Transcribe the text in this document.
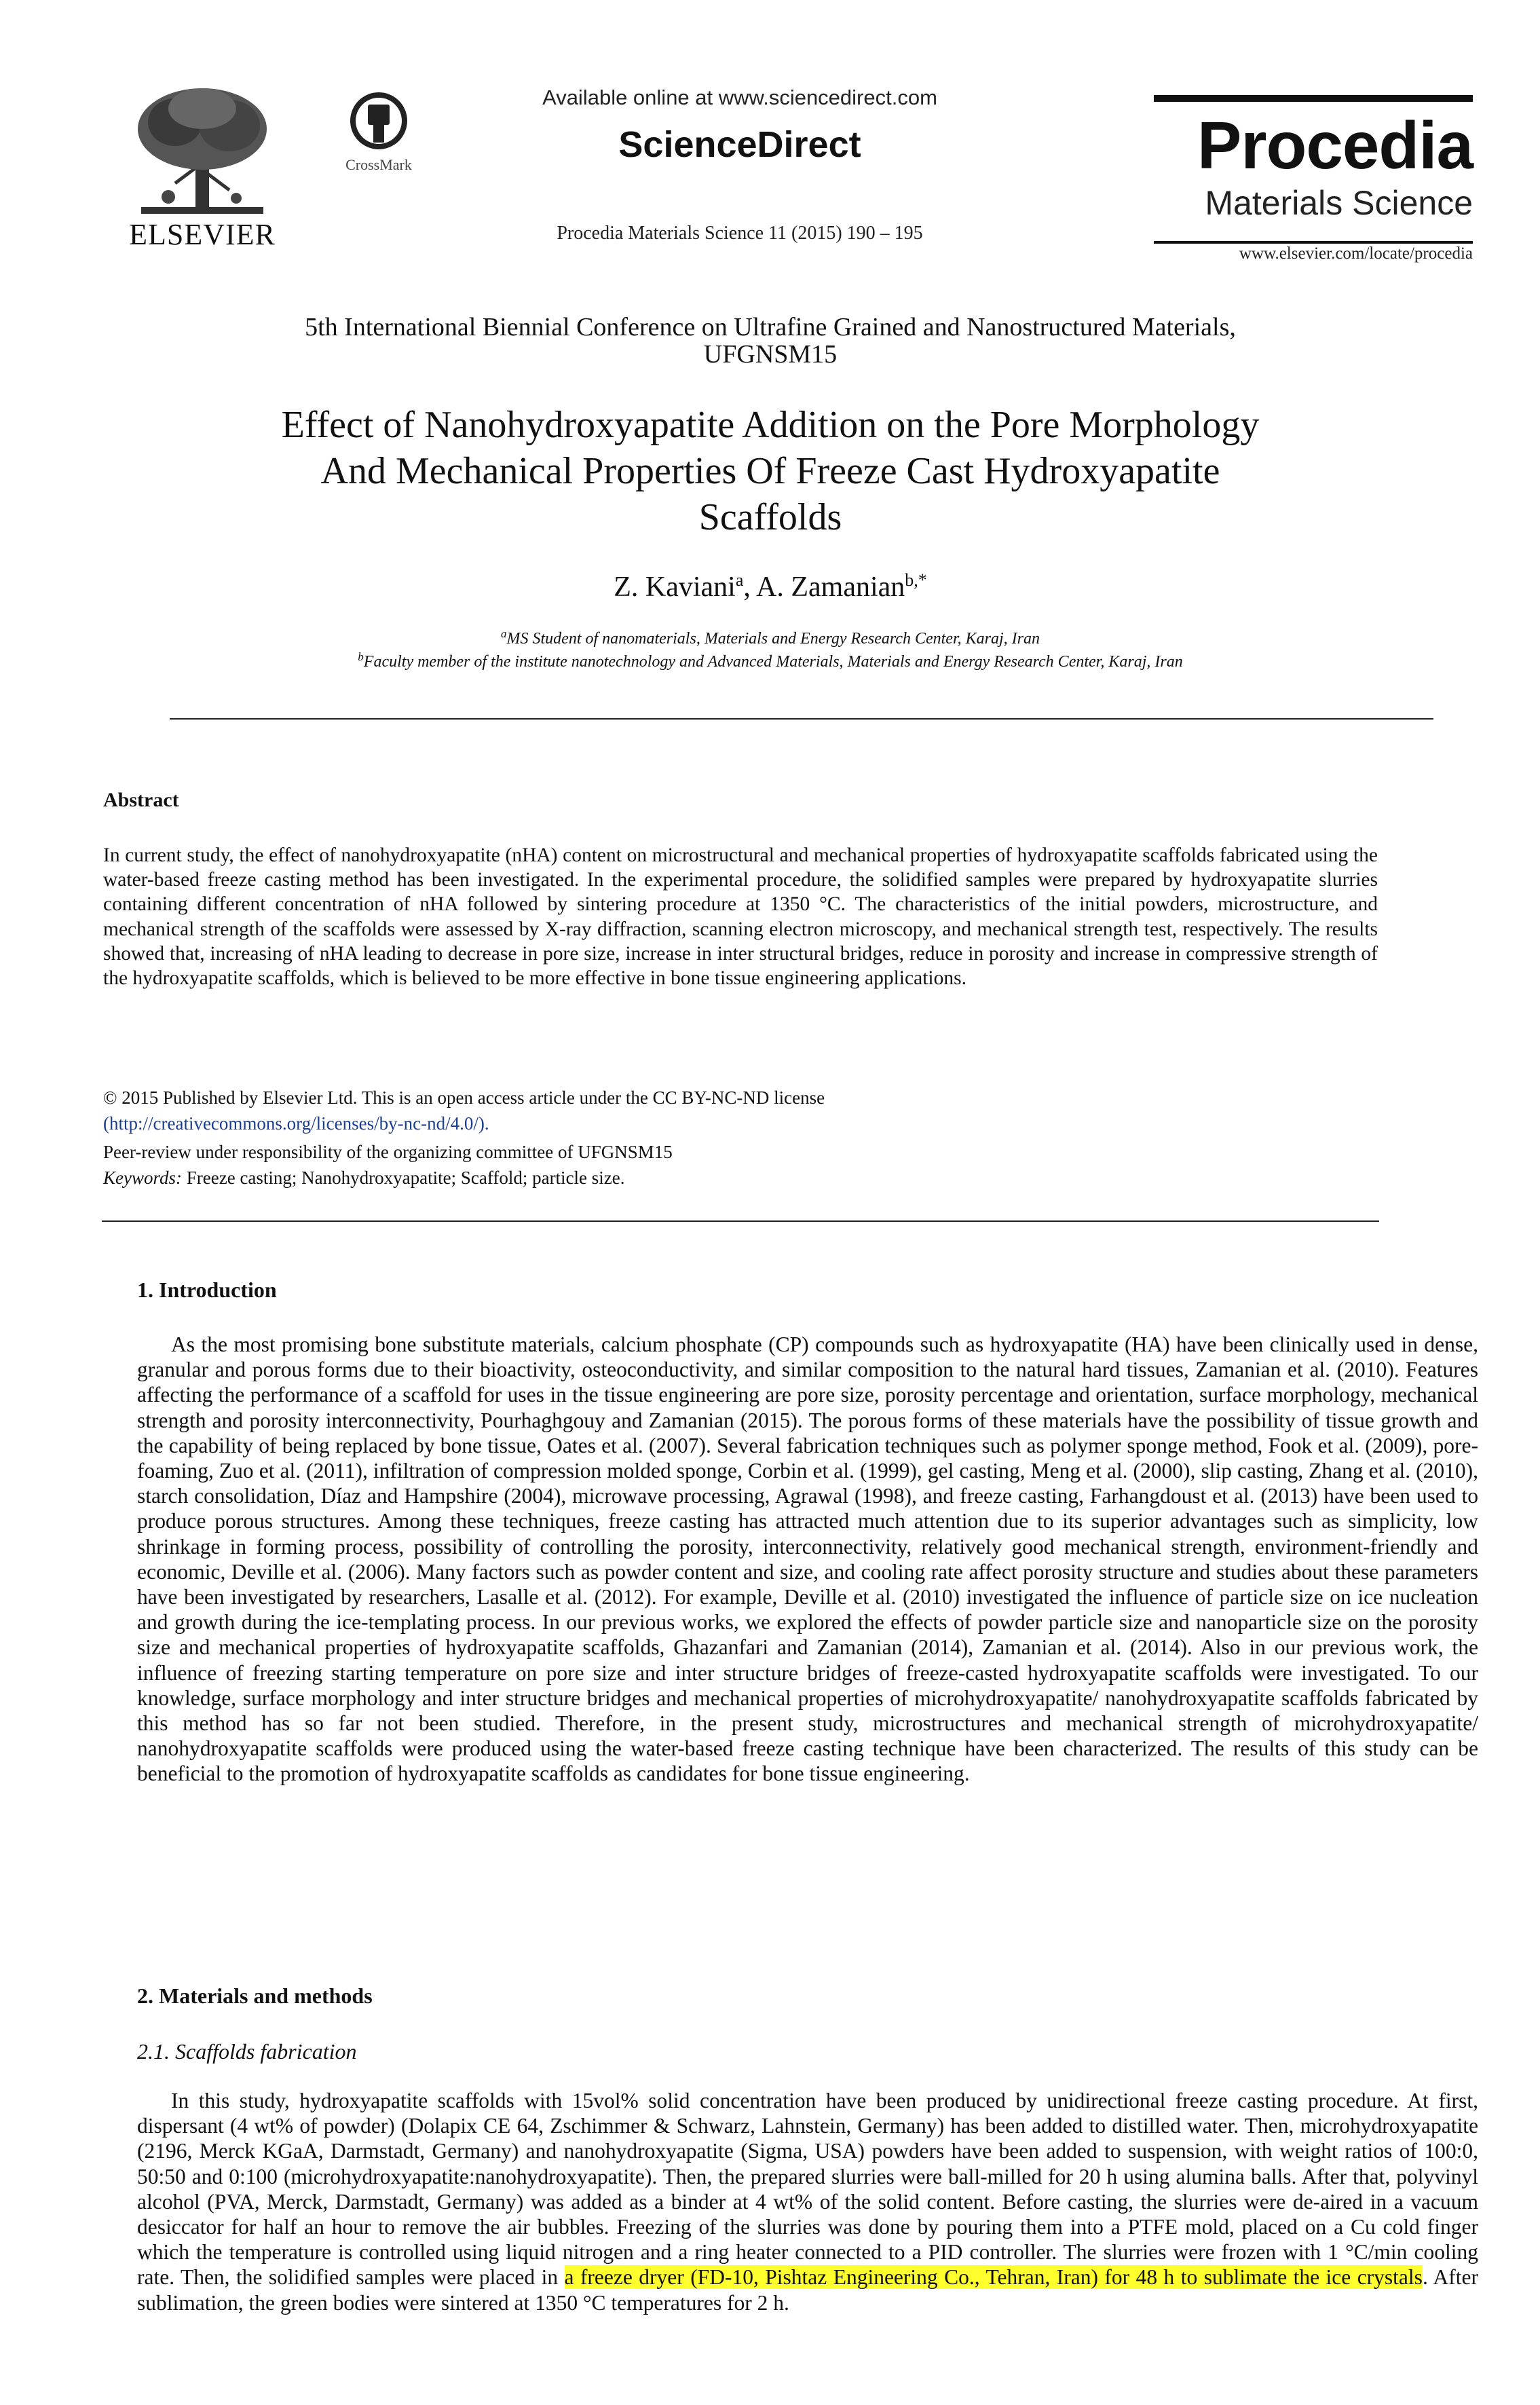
ELSEVIER
CrossMark
Available online at www.sciencedirect.com
ScienceDirect
Procedia Materials Science 11 (2015) 190 – 195
Procedia
Materials Science
www.elsevier.com/locate/procedia
5th International Biennial Conference on Ultrafine Grained and Nanostructured Materials,
UFGNSM15
Effect of Nanohydroxyapatite Addition on the Pore Morphology
And Mechanical Properties Of Freeze Cast Hydroxyapatite
Scaffolds
Z. Kaviani$^a$, A. Zamanian$^{b,*}$
$^a$MS Student of nanomaterials, Materials and Energy Research Center, Karaj, Iran
$^b$Faculty member of the institute nanotechnology and Advanced Materials, Materials and Energy Research Center, Karaj, Iran
Abstract
In current study, the effect of nanohydroxyapatite (nHA) content on microstructural and mechanical properties of hydroxyapatite scaffolds fabricated using the water-based freeze casting method has been investigated. In the experimental procedure, the solidified samples were prepared by hydroxyapatite slurries containing different concentration of nHA followed by sintering procedure at 1350 °C. The characteristics of the initial powders, microstructure, and mechanical strength of the scaffolds were assessed by X-ray diffraction, scanning electron microscopy, and mechanical strength test, respectively. The results showed that, increasing of nHA leading to decrease in pore size, increase in inter structural bridges, reduce in porosity and increase in compressive strength of the hydroxyapatite scaffolds, which is believed to be more effective in bone tissue engineering applications.
© 2015 Published by Elsevier Ltd. This is an open access article under the CC BY-NC-ND license
(http://creativecommons.org/licenses/by-nc-nd/4.0/).
Peer-review under responsibility of the organizing committee of UFGNSM15
Keywords: Freeze casting; Nanohydroxyapatite; Scaffold; particle size.
1. Introduction
As the most promising bone substitute materials, calcium phosphate (CP) compounds such as hydroxyapatite (HA) have been clinically used in dense, granular and porous forms due to their bioactivity, osteoconductivity, and similar composition to the natural hard tissues, Zamanian et al. (2010). Features affecting the performance of a scaffold for uses in the tissue engineering are pore size, porosity percentage and orientation, surface morphology, mechanical strength and porosity interconnectivity, Pourhaghgouy and Zamanian (2015). The porous forms of these materials have the possibility of tissue growth and the capability of being replaced by bone tissue, Oates et al. (2007). Several fabrication techniques such as polymer sponge method, Fook et al. (2009), pore-foaming, Zuo et al. (2011), infiltration of compression molded sponge, Corbin et al. (1999), gel casting, Meng et al. (2000), slip casting, Zhang et al. (2010), starch consolidation, Díaz and Hampshire (2004), microwave processing, Agrawal (1998), and freeze casting, Farhangdoust et al. (2013) have been used to produce porous structures. Among these techniques, freeze casting has attracted much attention due to its superior advantages such as simplicity, low shrinkage in forming process, possibility of controlling the porosity, interconnectivity, relatively good mechanical strength, environment-friendly and economic, Deville et al. (2006). Many factors such as powder content and size, and cooling rate affect porosity structure and studies about these parameters have been investigated by researchers, Lasalle et al. (2012). For example, Deville et al. (2010) investigated the influence of particle size on ice nucleation and growth during the ice-templating process. In our previous works, we explored the effects of powder particle size and nanoparticle size on the porosity size and mechanical properties of hydroxyapatite scaffolds, Ghazanfari and Zamanian (2014), Zamanian et al. (2014). Also in our previous work, the influence of freezing starting temperature on pore size and inter structure bridges of freeze-casted hydroxyapatite scaffolds were investigated. To our knowledge, surface morphology and inter structure bridges and mechanical properties of microhydroxyapatite/ nanohydroxyapatite scaffolds fabricated by this method has so far not been studied. Therefore, in the present study, microstructures and mechanical strength of microhydroxyapatite/ nanohydroxyapatite scaffolds were produced using the water-based freeze casting technique have been characterized. The results of this study can be beneficial to the promotion of hydroxyapatite scaffolds as candidates for bone tissue engineering.
2. Materials and methods
2.1. Scaffolds fabrication
In this study, hydroxyapatite scaffolds with 15vol% solid concentration have been produced by unidirectional freeze casting procedure. At first, dispersant (4 wt% of powder) (Dolapix CE 64, Zschimmer & Schwarz, Lahnstein, Germany) has been added to distilled water. Then, microhydroxyapatite (2196, Merck KGaA, Darmstadt, Germany) and nanohydroxyapatite (Sigma, USA) powders have been added to suspension, with weight ratios of 100:0, 50:50 and 0:100 (microhydroxyapatite:nanohydroxyapatite). Then, the prepared slurries were ball-milled for 20 h using alumina balls. After that, polyvinyl alcohol (PVA, Merck, Darmstadt, Germany) was added as a binder at 4 wt% of the solid content. Before casting, the slurries were de-aired in a vacuum desiccator for half an hour to remove the air bubbles. Freezing of the slurries was done by pouring them into a PTFE mold, placed on a Cu cold finger which the temperature is controlled using liquid nitrogen and a ring heater connected to a PID controller. The slurries were frozen with 1 °C/min cooling rate. Then, the solidified samples were placed in a freeze dryer (FD-10, Pishtaz Engineering Co., Tehran, Iran) for 48 h to sublimate the ice crystals. After sublimation, the green bodies were sintered at 1350 °C temperatures for 2 h.
